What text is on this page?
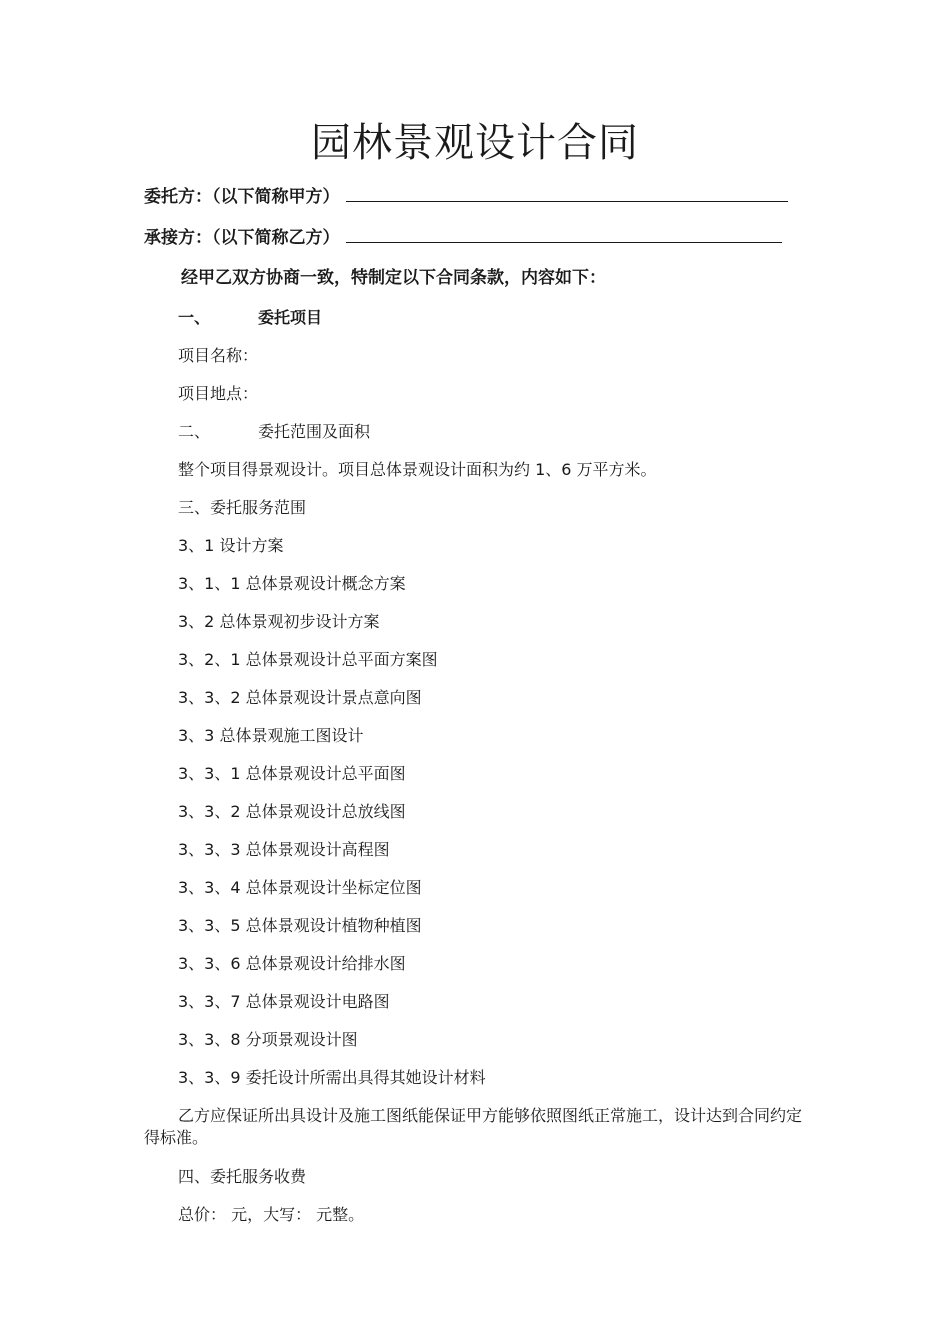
园林景观设计合同
委托方：（以下简称甲方）
承接方：（以下简称乙方）
经甲乙双方协商一致，特制定以下合同条款，内容如下：
一、	委托项目
项目名称：
项目地点：
二、	委托范围及面积
整个项目得景观设计。项目总体景观设计面积为约 1、6 万平方米。
三、委托服务范围
3、1 设计方案
3、1、1 总体景观设计概念方案
3、2 总体景观初步设计方案
3、2、1 总体景观设计总平面方案图
3、3、2 总体景观设计景点意向图
3、3 总体景观施工图设计
3、3、1 总体景观设计总平面图
3、3、2 总体景观设计总放线图
3、3、3 总体景观设计高程图
3、3、4 总体景观设计坐标定位图
3、3、5 总体景观设计植物种植图
3、3、6 总体景观设计给排水图
3、3、7 总体景观设计电路图
3、3、8 分项景观设计图
3、3、9 委托设计所需出具得其她设计材料
乙方应保证所出具设计及施工图纸能保证甲方能够依照图纸正常施工，设计达到合同约定得标准。
四、委托服务收费
总价： 元，大写： 元整。
